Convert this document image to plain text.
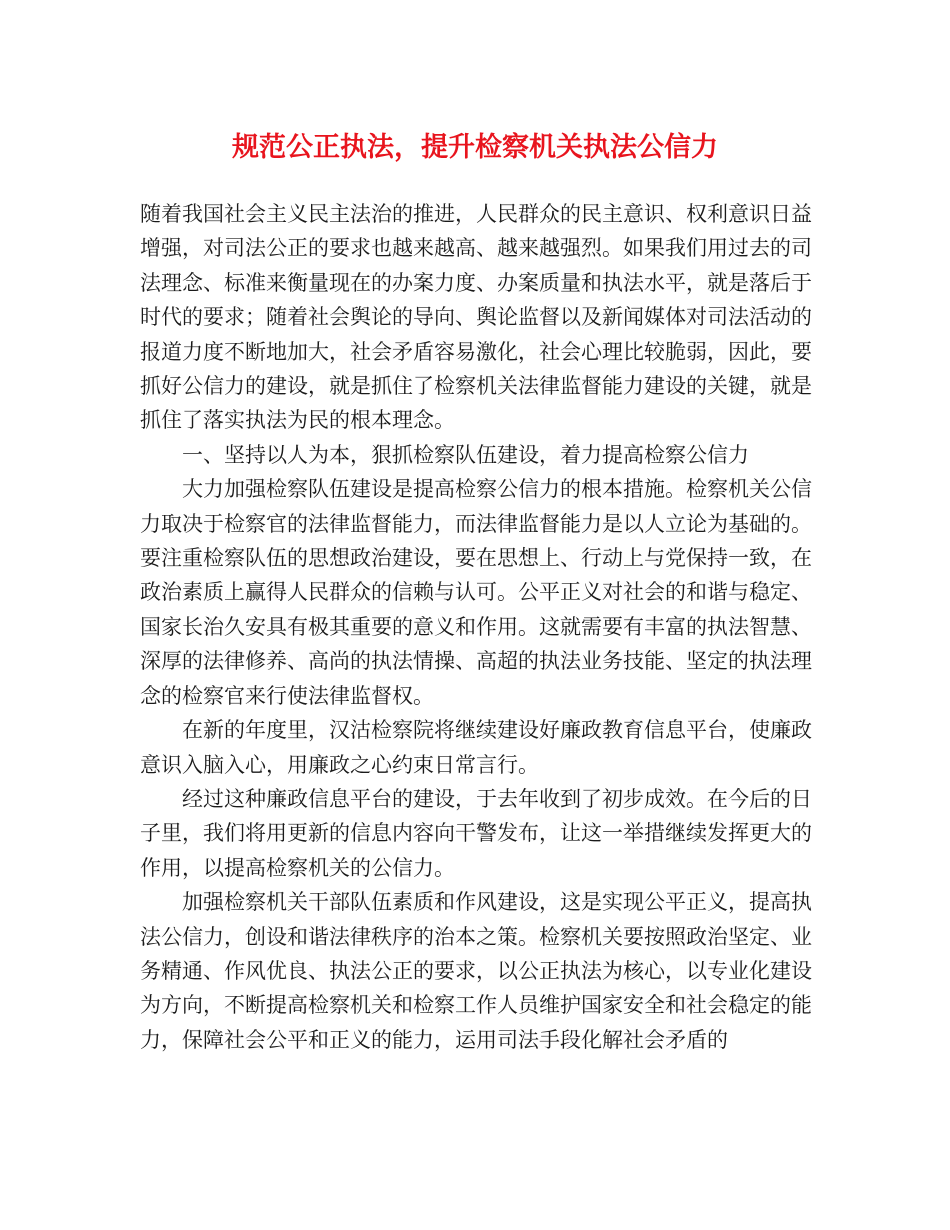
规范公正执法，提升检察机关执法公信力

随着我国社会主义民主法治的推进，人民群众的民主意识、权利意识日益增强，对司法公正的要求也越来越高、越来越强烈。如果我们用过去的司法理念、标准来衡量现在的办案力度、办案质量和执法水平，就是落后于时代的要求；随着社会舆论的导向、舆论监督以及新闻媒体对司法活动的报道力度不断地加大，社会矛盾容易激化，社会心理比较脆弱，因此，要抓好公信力的建设，就是抓住了检察机关法律监督能力建设的关键，就是抓住了落实执法为民的根本理念。

一、坚持以人为本，狠抓检察队伍建设，着力提高检察公信力

大力加强检察队伍建设是提高检察公信力的根本措施。检察机关公信力取决于检察官的法律监督能力，而法律监督能力是以人立论为基础的。要注重检察队伍的思想政治建设，要在思想上、行动上与党保持一致，在政治素质上赢得人民群众的信赖与认可。公平正义对社会的和谐与稳定、国家长治久安具有极其重要的意义和作用。这就需要有丰富的执法智慧、深厚的法律修养、高尚的执法情操、高超的执法业务技能、坚定的执法理念的检察官来行使法律监督权。

在新的年度里，汉沽检察院将继续建设好廉政教育信息平台，使廉政意识入脑入心，用廉政之心约束日常言行。

经过这种廉政信息平台的建设，于去年收到了初步成效。在今后的日子里，我们将用更新的信息内容向干警发布，让这一举措继续发挥更大的作用，以提高检察机关的公信力。

加强检察机关干部队伍素质和作风建设，这是实现公平正义，提高执法公信力，创设和谐法律秩序的治本之策。检察机关要按照政治坚定、业务精通、作风优良、执法公正的要求，以公正执法为核心，以专业化建设为方向，不断提高检察机关和检察工作人员维护国家安全和社会稳定的能力，保障社会公平和正义的能力，运用司法手段化解社会矛盾的
